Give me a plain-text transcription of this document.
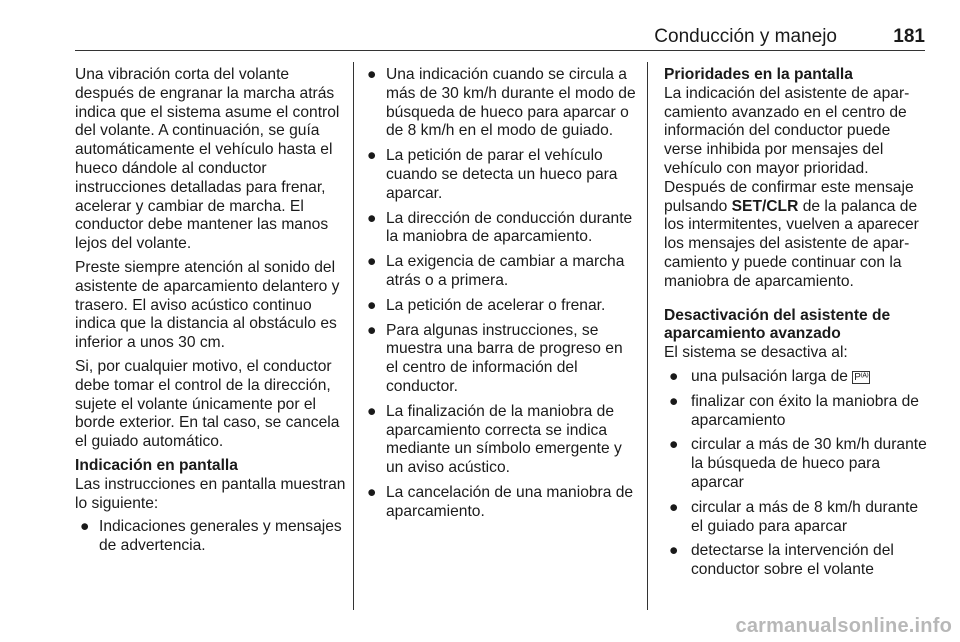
Conducción y manejo	181

Una vibración corta del volante después de engranar la marcha atrás indica que el sistema asume el control del volante. A continuación, se guía automáticamente el vehículo hasta el hueco dándole al conductor instrucciones detalladas para frenar, acelerar y cambiar de marcha. El conductor debe mantener las manos lejos del volante.

Preste siempre atención al sonido del asistente de aparcamiento delantero y trasero. El aviso acústico continuo indica que la distancia al obstáculo es inferior a unos 30 cm.

Si, por cualquier motivo, el conductor debe tomar el control de la dirección, sujete el volante únicamente por el borde exterior. En tal caso, se cancela el guiado automático.

Indicación en pantalla

Las instrucciones en pantalla muestran lo siguiente:

● Indicaciones generales y mensajes de advertencia.
● Una indicación cuando se circula a más de 30 km/h durante el modo de búsqueda de hueco para aparcar o de 8 km/h en el modo de guiado.
● La petición de parar el vehículo cuando se detecta un hueco para aparcar.
● La dirección de conducción durante la maniobra de aparcamiento.
● La exigencia de cambiar a marcha atrás o a primera.
● La petición de acelerar o frenar.
● Para algunas instrucciones, se muestra una barra de progreso en el centro de información del conductor.
● La finalización de la maniobra de aparcamiento correcta se indica mediante un símbolo emergente y un aviso acústico.
● La cancelación de una maniobra de aparcamiento.
Prioridades en la pantalla

La indicación del asistente de aparcamiento avanzado en el centro de información del conductor puede verse inhibida por mensajes del vehículo con mayor prioridad. Después de confirmar este mensaje pulsando SET/CLR de la palanca de los intermitentes, vuelven a aparecer los mensajes del asistente de aparcamiento y puede continuar con la maniobra de aparcamiento.

Desactivación del asistente de aparcamiento avanzado

El sistema se desactiva al:

● una pulsación larga de P⁽ᴬ⁾
● finalizar con éxito la maniobra de aparcamiento
● circular a más de 30 km/h durante la búsqueda de hueco para aparcar
● circular a más de 8 km/h durante el guiado para aparcar
● detectarse la intervención del conductor sobre el volante
carmanualsonline.info
